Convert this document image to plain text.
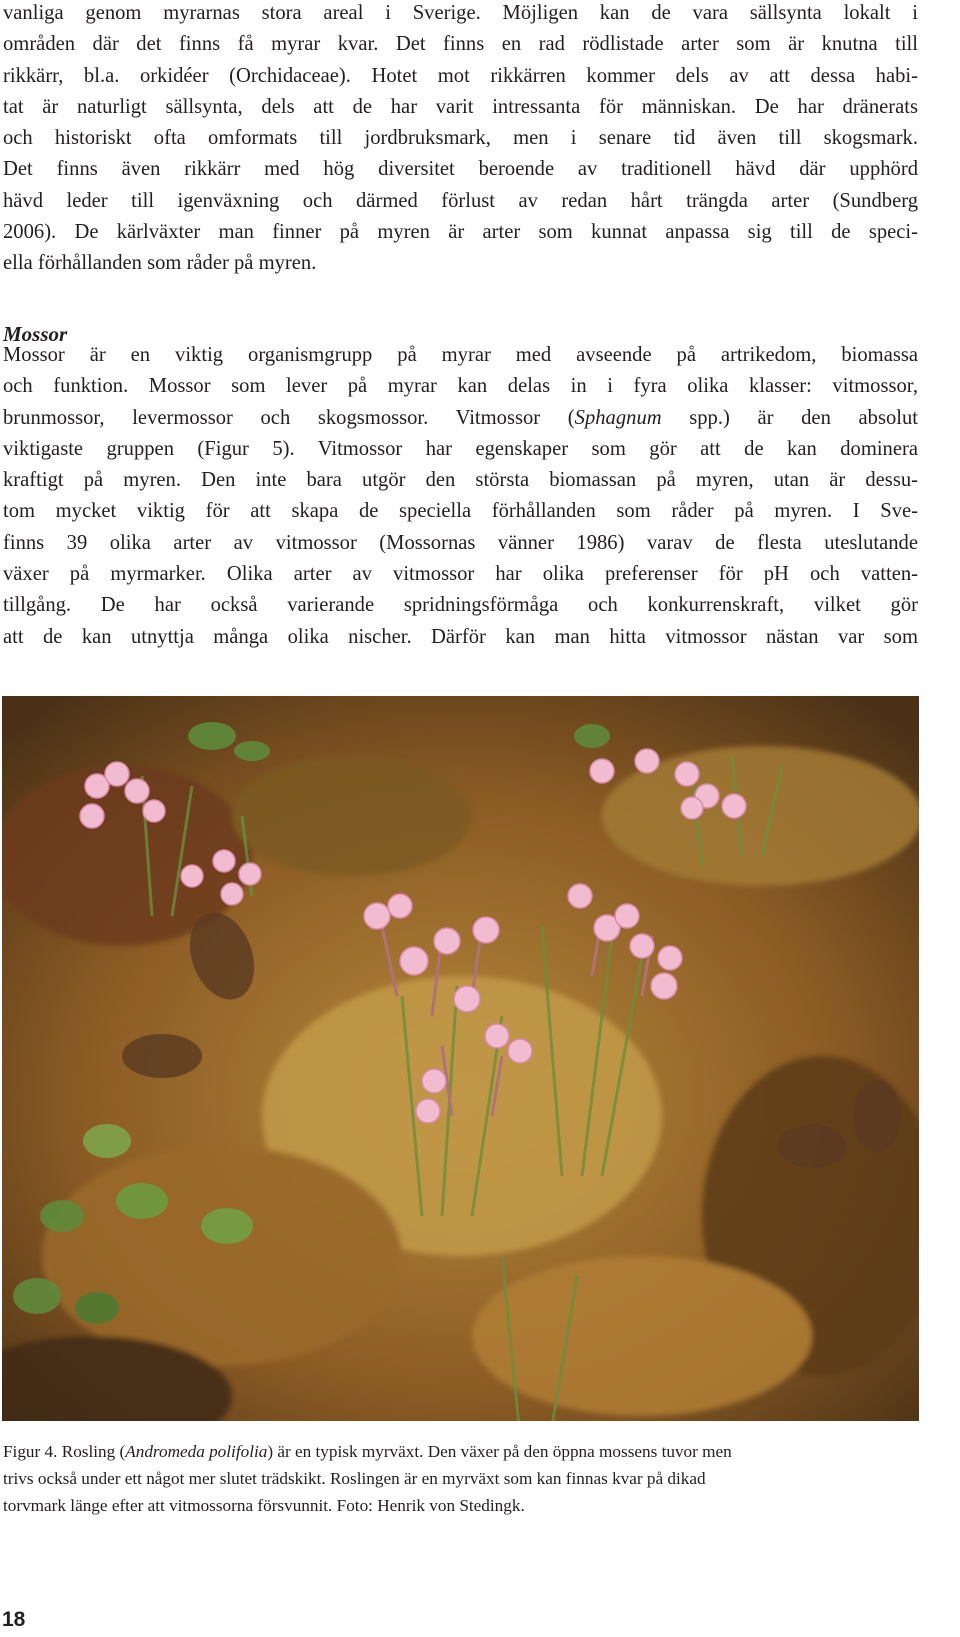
vanliga genom myrarnas stora areal i Sverige. Möjligen kan de vara sällsynta lokalt i
områden där det finns få myrar kvar. Det finns en rad rödlistade arter som är knutna till
rikkärr, bl.a. orkidéer (Orchidaceae). Hotet mot rikkärren kommer dels av att dessa habi-
tat är naturligt sällsynta, dels att de har varit intressanta för människan. De har dränerats
och historiskt ofta omformats till jordbruksmark, men i senare tid även till skogsmark.
Det finns även rikkärr med hög diversitet beroende av traditionell hävd där upphörd
hävd leder till igenväxning och därmed förlust av redan hårt trängda arter (Sundberg
2006). De kärlväxter man finner på myren är arter som kunnat anpassa sig till de speci-
ella förhållanden som råder på myren.
Mossor
Mossor är en viktig organismgrupp på myrar med avseende på artrikedom, biomassa
och funktion. Mossor som lever på myrar kan delas in i fyra olika klasser: vitmossor,
brunmossor, levermossor och skogsmossor. Vitmossor (Sphagnum spp.) är den absolut
viktigaste gruppen (Figur 5). Vitmossor har egenskaper som gör att de kan dominera
kraftigt på myren. Den inte bara utgör den största biomassan på myren, utan är dessu-
tom mycket viktig för att skapa de speciella förhållanden som råder på myren. I Sve-
finns 39 olika arter av vitmossor (Mossornas vänner 1986) varav de flesta uteslutande
växer på myrmarker. Olika arter av vitmossor har olika preferenser för pH och vatten-
tillgång. De har också varierande spridningsförmåga och konkurrenskraft, vilket gör
att de kan utnyttja många olika nischer. Därför kan man hitta vitmossor nästan var som

Figur 4. Rosling (Andromeda polifolia) är en typisk myrväxt. Den växer på den öppna mossens tuvor men
trivs också under ett något mer slutet trädskikt. Roslingen är en myrväxt som kan finnas kvar på dikad
torvmark länge efter att vitmossorna försvunnit. Foto: Henrik von Stedingk.

18
